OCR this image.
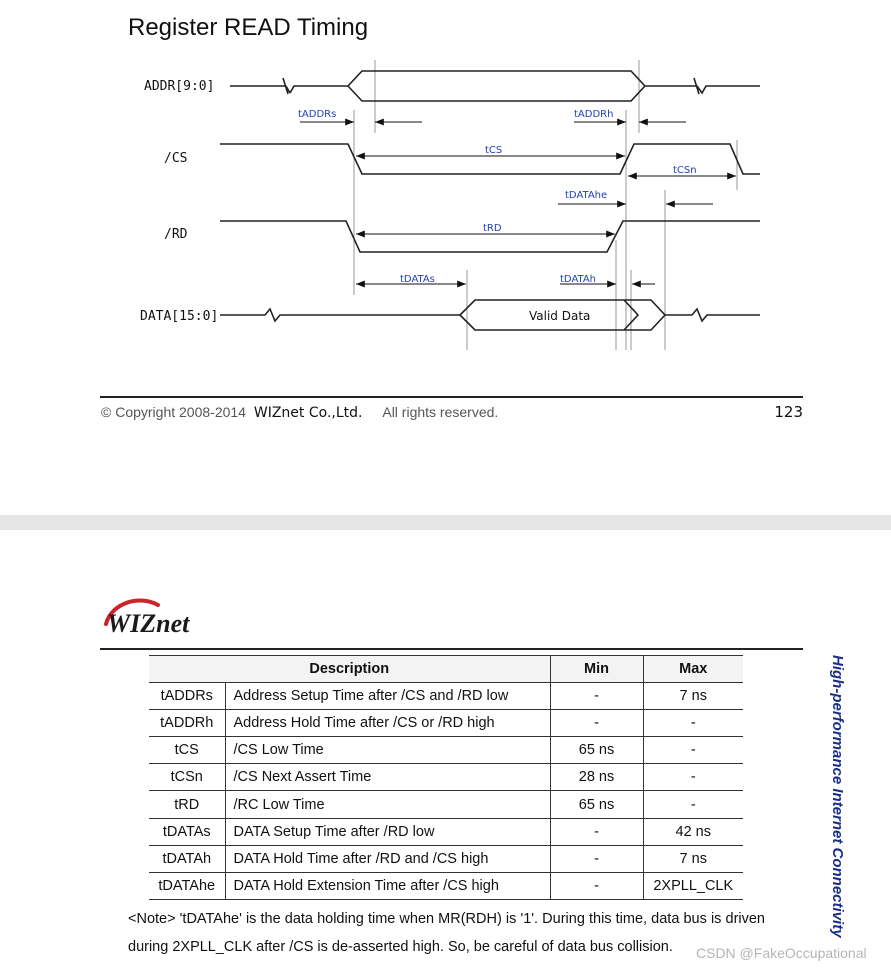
Register READ Timing
ADDR[9:0]
/CS
/RD
DATA[15:0]
tADDRs	tADDRh
tCS
tCSn
tDATAhe
tRD
tDATAs	tDATAh
Valid Data
© Copyright 2008-2014 WIZnet Co.,Ltd. All rights reserved.	123
WIZnet
High-performance Internet Connectivity
Description		Min	Max
tADDRs	Address Setup Time after /CS and /RD low	-	7 ns
tADDRh	Address Hold Time after /CS or /RD high	-	-
tCS	/CS Low Time	65 ns	-
tCSn	/CS Next Assert Time	28 ns	-
tRD	/RC Low Time	65 ns	-
tDATAs	DATA Setup Time after /RD low	-	42 ns
tDATAh	DATA Hold Time after /RD and /CS high	-	7 ns
tDATAhe	DATA Hold Extension Time after /CS high	-	2XPLL_CLK
<Note> 'tDATAhe' is the data holding time when MR(RDH) is '1'. During this time, data bus is driven during 2XPLL_CLK after /CS is de-asserted high. So, be careful of data bus collision.	CSDN @FakeOccupational
